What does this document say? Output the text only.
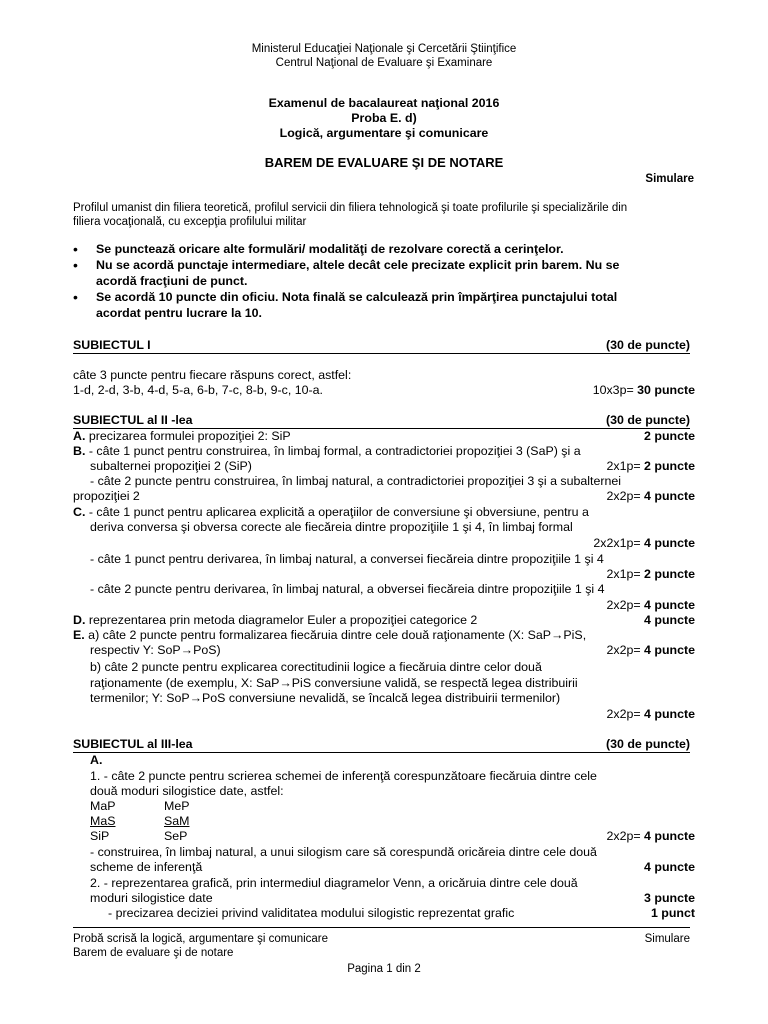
Ministerul Educaţiei Naţionale şi Cercetării Ştiinţifice
Centrul Naţional de Evaluare şi Examinare
Examenul de bacalaureat naţional 2016
Proba E. d)
Logică, argumentare şi comunicare
BAREM DE EVALUARE ŞI DE NOTARE
Simulare
Profilul umanist din filiera teoretică, profilul servicii din filiera tehnologică şi toate profilurile şi specializările din
filiera vocaţională, cu excepţia profilului militar
• Se punctează oricare alte formulări/ modalităţi de rezolvare corectă a cerinţelor.
• Nu se acordă punctaje intermediare, altele decât cele precizate explicit prin barem. Nu se
acordă fracţiuni de punct.
• Se acordă 10 puncte din oficiu. Nota finală se calculează prin împărţirea punctajului total
acordat pentru lucrare la 10.
SUBIECTUL I	(30 de puncte)
câte 3 puncte pentru fiecare răspuns corect, astfel:
1-d, 2-d, 3-b, 4-d, 5-a, 6-b, 7-c, 8-b, 9-c, 10-a.	10x3p= 30 puncte
SUBIECTUL al II -lea	(30 de puncte)
A. precizarea formulei propoziţiei 2: SiP	2 puncte
B. - câte 1 punct pentru construirea, în limbaj formal, a contradictoriei propoziţiei 3 (SaP) şi a
subalternei propoziţiei 2 (SiP)	2x1p= 2 puncte
- câte 2 puncte pentru construirea, în limbaj natural, a contradictoriei propoziţiei 3 şi a subalternei
propoziţiei 2	2x2p= 4 puncte
C. - câte 1 punct pentru aplicarea explicită a operaţiilor de conversiune şi obversiune, pentru a
deriva conversa şi obversa corecte ale fiecăreia dintre propoziţiile 1 şi 4, în limbaj formal
2x2x1p= 4 puncte
- câte 1 punct pentru derivarea, în limbaj natural, a conversei fiecăreia dintre propoziţiile 1 şi 4
2x1p= 2 puncte
- câte 2 puncte pentru derivarea, în limbaj natural, a obversei fiecăreia dintre propoziţiile 1 şi 4
2x2p= 4 puncte
D. reprezentarea prin metoda diagramelor Euler a propoziţiei categorice 2	4 puncte
E. a) câte 2 puncte pentru formalizarea fiecăruia dintre cele două raţionamente (X: SaP→PiS,
respectiv Y: SoP→PoS)	2x2p= 4 puncte
b) câte 2 puncte pentru explicarea corectitudinii logice a fiecăruia dintre celor două
raţionamente (de exemplu, X: SaP→PiS conversiune validă, se respectă legea distribuirii
termenilor; Y: SoP→PoS conversiune nevalidă, se încalcă legea distribuirii termenilor)
2x2p= 4 puncte
SUBIECTUL al III-lea	(30 de puncte)
A.
1. - câte 2 puncte pentru scrierea schemei de inferenţă corespunzătoare fiecăruia dintre cele
două moduri silogistice date, astfel:
MaP	MeP
MaS	SaM
SiP	SeP	2x2p= 4 puncte
- construirea, în limbaj natural, a unui silogism care să corespundă oricăreia dintre cele două
scheme de inferenţă	4 puncte
2. - reprezentarea grafică, prin intermediul diagramelor Venn, a oricăruia dintre cele două
moduri silogistice date	3 puncte
- precizarea deciziei privind validitatea modului silogistic reprezentat grafic	1 punct
Probă scrisă la logică, argumentare şi comunicare	Simulare
Barem de evaluare şi de notare
Pagina 1 din 2
